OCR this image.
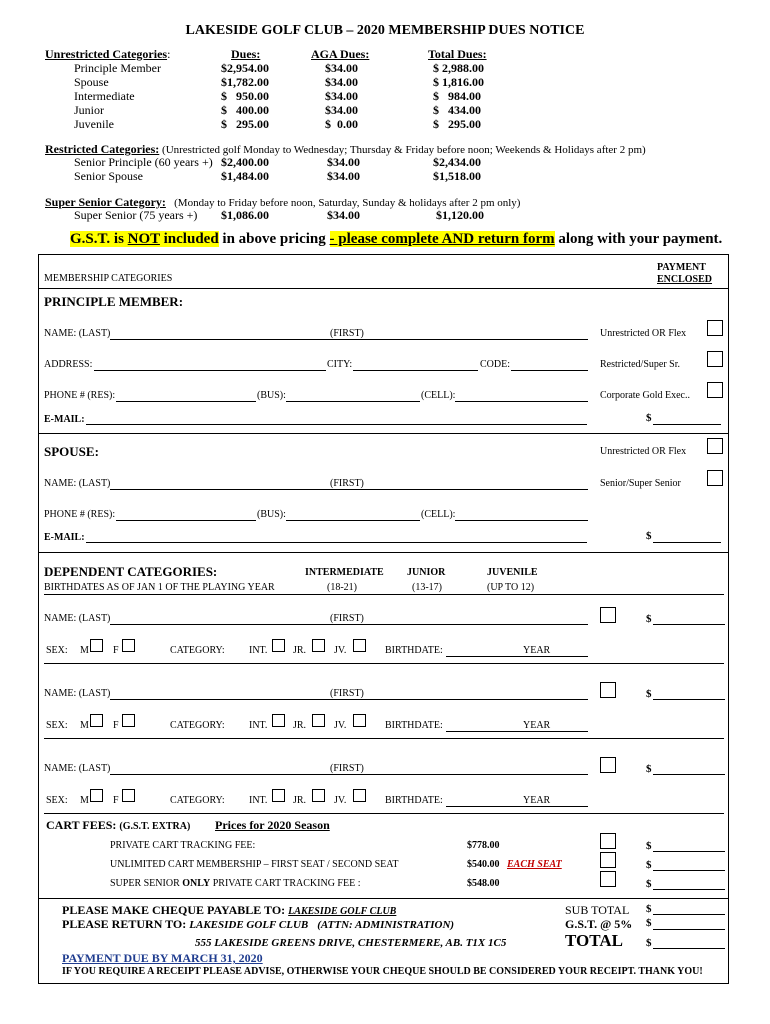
LAKESIDE GOLF CLUB – 2020 MEMBERSHIP DUES NOTICE
Unrestricted Categories:	Dues:	AGA Dues:	Total Dues:
Principle Member	$2,954.00	$34.00	$ 2,988.00
Spouse	$1,782.00	$34.00	$ 1,816.00
Intermediate	$   950.00	$34.00	$   984.00
Junior	$   400.00	$34.00	$   434.00
Juvenile	$   295.00	$  0.00	$   295.00
Restricted Categories: (Unrestricted golf Monday to Wednesday; Thursday & Friday before noon; Weekends & Holidays after 2 pm)
Senior Principle (60 years +) $2,400.00	$34.00	$2,434.00
Senior Spouse	$1,484.00	$34.00	$1,518.00
Super Senior Category: (Monday to Friday before noon, Saturday, Sunday & holidays after 2 pm only)
Super Senior (75 years +) $1,086.00	$34.00	$1,120.00
G.S.T. is NOT included in above pricing - please complete AND return form along with your payment.
MEMBERSHIP CATEGORIES
PAYMENT
ENCLOSED
PRINCIPLE MEMBER:
NAME: (LAST)	(FIRST)	Unrestricted OR Flex
ADDRESS:	CITY:	CODE:	Restricted/Super Sr.
PHONE # (RES):	(BUS):	(CELL):	Corporate Gold Exec..
E-MAIL:	$
SPOUSE:	Unrestricted OR Flex
NAME: (LAST)	(FIRST)	Senior/Super Senior
PHONE # (RES):	(BUS):	(CELL):
E-MAIL:	$
DEPENDENT CATEGORIES:	INTERMEDIATE JUNIOR	JUVENILE
BIRTHDATES AS OF JAN 1 OF THE PLAYING YEAR	(18-21)	(13-17)	(UP TO 12)
NAME: (LAST)	(FIRST)	$
SEX: M F	CATEGORY: INT.	JR.	JV.	BIRTHDATE:	YEAR
NAME: (LAST)	(FIRST)	$
SEX: M F	CATEGORY: INT.	JR.	JV.	BIRTHDATE:	YEAR
NAME: (LAST)	(FIRST)	$
SEX: M F	CATEGORY: INT.	JR.	JV.	BIRTHDATE:	YEAR
CART FEES: (G.S.T. EXTRA) Prices for 2020 Season
PRIVATE CART TRACKING FEE:	$778.00	$
UNLIMITED CART MEMBERSHIP – FIRST SEAT / SECOND SEAT	$540.00 EACH SEAT	$
SUPER SENIOR ONLY PRIVATE CART TRACKING FEE :	$548.00	$
PLEASE MAKE CHEQUE PAYABLE TO: LAKESIDE GOLF CLUB
PLEASE RETURN TO: LAKESIDE GOLF CLUB (ATTN: ADMINISTRATION)
555 LAKESIDE GREENS DRIVE, CHESTERMERE, AB. T1X 1C5
SUB TOTAL $
G.S.T. @ 5% $
TOTAL $
PAYMENT DUE BY MARCH 31, 2020
IF YOU REQUIRE A RECEIPT PLEASE ADVISE, OTHERWISE YOUR CHEQUE SHOULD BE CONSIDERED YOUR RECEIPT. THANK YOU!
